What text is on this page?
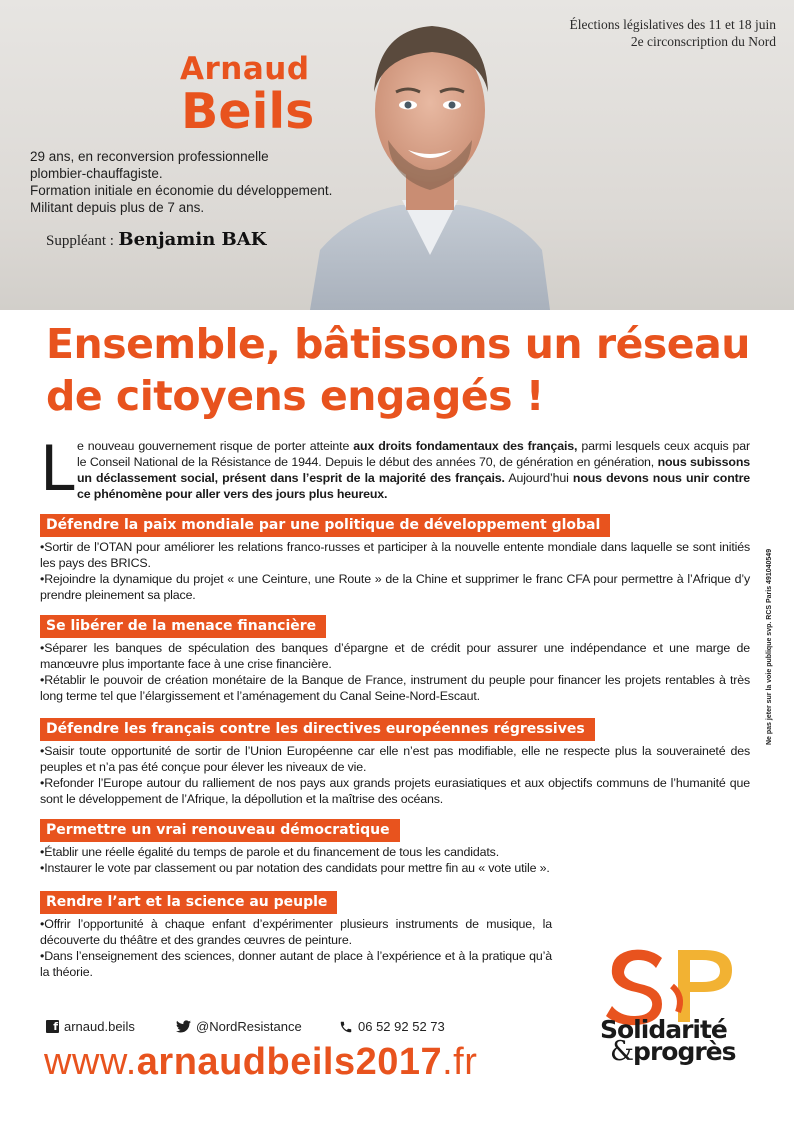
Élections législatives des 11 et 18 juin
2e circonscription du Nord
Arnaud
Beils
29 ans, en reconversion professionnelle
plombier-chauffagiste.
Formation initiale en économie du développement.
Militant depuis plus de 7 ans.
Suppléant : Benjamin BAK
Ensemble, bâtissons un réseau de citoyens engagés !
L e nouveau gouvernement risque de porter atteinte aux droits fondamentaux des français, parmi lesquels ceux acquis par le Conseil National de la Résistance de 1944. Depuis le début des années 70, de génération en génération, nous subissons un déclassement social, présent dans l’esprit de la majorité des français. Aujourd’hui nous devons nous unir contre ce phénomène pour aller vers des jours plus heureux.
Défendre la paix mondiale par une politique de développement global
• Sortir de l’OTAN pour améliorer les relations franco-russes et participer à la nouvelle entente mondiale dans laquelle se sont initiés les pays des BRICS.
• Rejoindre la dynamique du projet « une Ceinture, une Route » de la Chine et supprimer le franc CFA pour permettre à l’Afrique d’y prendre pleinement sa place.
Se libérer de la menace financière
• Séparer les banques de spéculation des banques d’épargne et de crédit pour assurer une indépendance et une marge de manœuvre plus importante face à une crise financière.
• Rétablir le pouvoir de création monétaire de la Banque de France, instrument du peuple pour financer les projets rentables à très long terme tel que l’élargissement et l’aménagement du Canal Seine-Nord-Escaut.
Défendre les français contre les directives européennes régressives
• Saisir toute opportunité de sortir de l’Union Européenne car elle n’est pas modifiable, elle ne respecte plus la souveraineté des peuples et n’a pas été conçue pour élever les niveaux de vie.
• Refonder l’Europe autour du ralliement de nos pays aux grands projets eurasiatiques et aux objectifs communs de l’humanité que sont le développement de l’Afrique, la dépollution et la maîtrise des océans.
Permettre un vrai renouveau démocratique
• Établir une réelle égalité du temps de parole et du financement de tous les candidats.
• Instaurer le vote par classement ou par notation des candidats pour mettre fin au « vote utile ».
Rendre l’art et la science au peuple
• Offrir l’opportunité à chaque enfant d’expérimenter plusieurs instruments de musique, la découverte du théâtre et des grandes œuvres de peinture.
• Dans l’enseignement des sciences, donner autant de place à l’expérience et à la pratique qu’à la théorie.
Ne pas jeter sur la voie publique svp. RCS Paris 491040549
f arnaud.beils	@NordResistance	06 52 92 52 73
www.arnaudbeils2017.fr
Solidarité
&progrès
